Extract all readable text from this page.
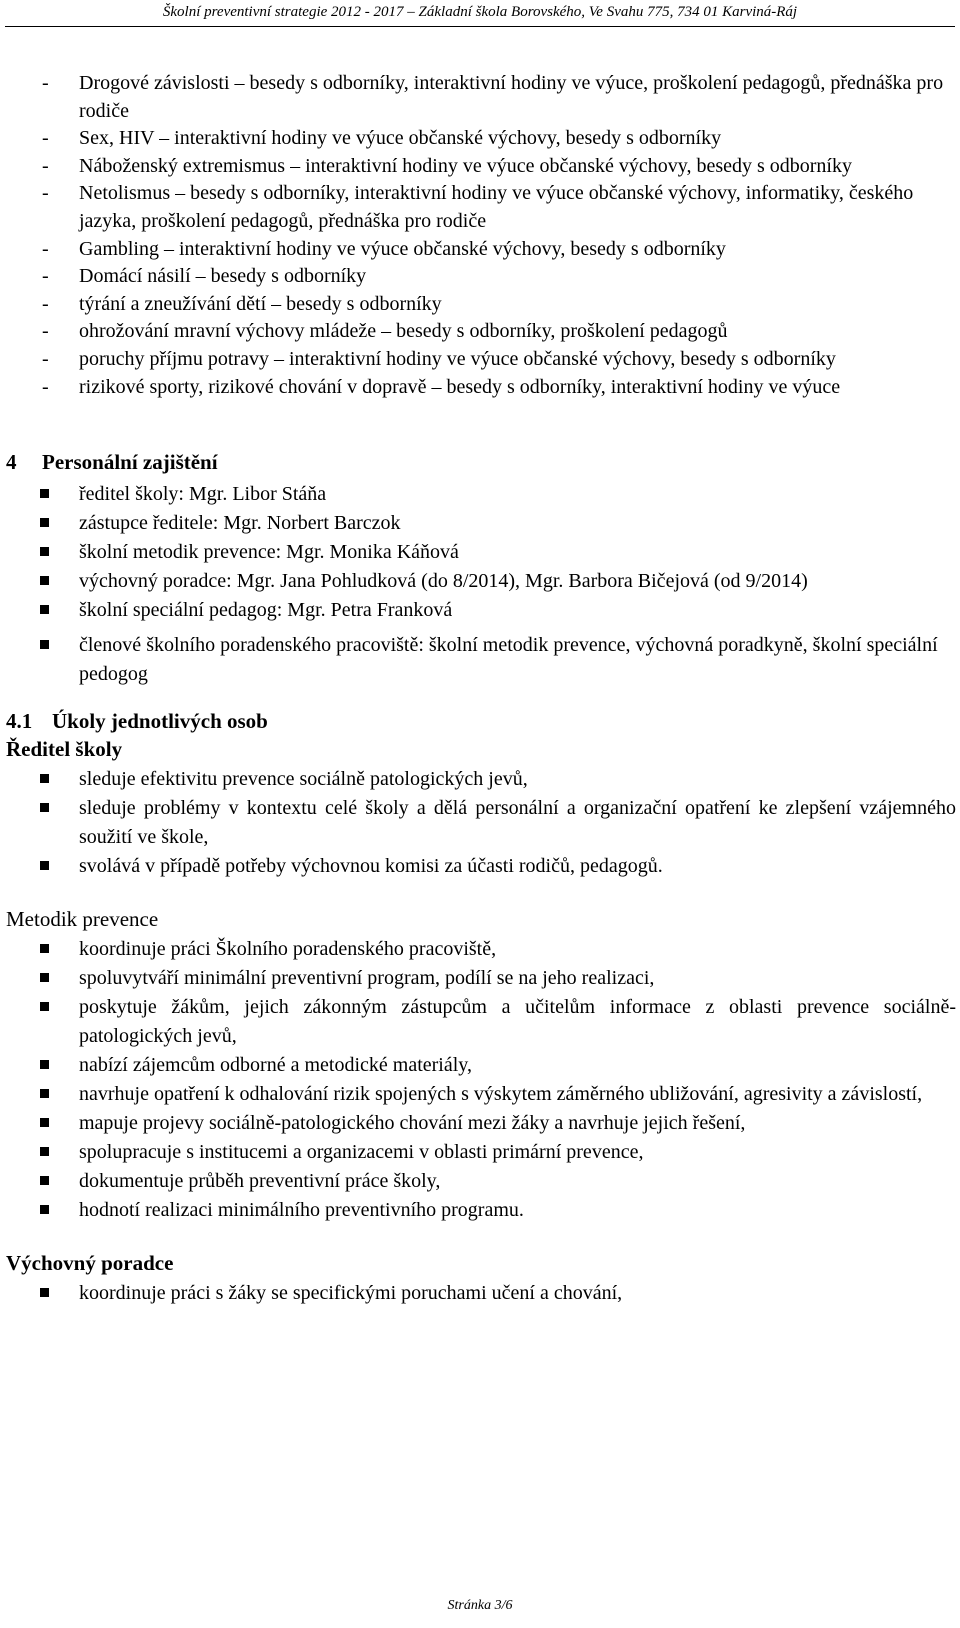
Školní preventivní strategie 2012 - 2017 – Základní škola Borovského, Ve Svahu 775, 734 01 Karviná-Ráj
- Drogové závislosti – besedy s odborníky, interaktivní hodiny ve výuce, proškolení pedagogů, přednáška pro rodiče
- Sex, HIV – interaktivní hodiny ve výuce občanské výchovy, besedy s odborníky
- Náboženský extremismus – interaktivní hodiny ve výuce občanské výchovy, besedy s odborníky
- Netolismus – besedy s odborníky, interaktivní hodiny ve výuce občanské výchovy, informatiky, českého jazyka, proškolení pedagogů, přednáška pro rodiče
- Gambling – interaktivní hodiny ve výuce občanské výchovy, besedy s odborníky
- Domácí násilí – besedy s odborníky
- týrání a zneužívání dětí – besedy s odborníky
- ohrožování mravní výchovy mládeže – besedy s odborníky, proškolení pedagogů
- poruchy příjmu potravy – interaktivní hodiny ve výuce občanské výchovy, besedy s odborníky
- rizikové sporty, rizikové chování v dopravě – besedy s odborníky, interaktivní hodiny ve výuce
4 Personální zajištění
ředitel školy: Mgr. Libor Stáňa
zástupce ředitele: Mgr. Norbert Barczok
školní metodik prevence: Mgr. Monika Káňová
výchovný poradce: Mgr. Jana Pohludková (do 8/2014), Mgr. Barbora Bičejová (od 9/2014)
školní speciální pedagog: Mgr. Petra Franková
členové školního poradenského pracoviště: školní metodik prevence, výchovná poradkyně, školní speciální pedogog
4.1 Úkoly jednotlivých osob
Ředitel školy
sleduje efektivitu prevence sociálně patologických jevů,
sleduje problémy v kontextu celé školy a dělá personální a organizační opatření ke zlepšení vzájemného soužití ve škole,
svolává v případě potřeby výchovnou komisi za účasti rodičů, pedagogů.
Metodik prevence
koordinuje práci Školního poradenského pracoviště,
spoluvytváří minimální preventivní program, podílí se na jeho realizaci,
poskytuje žákům, jejich zákonným zástupcům a učitelům informace z oblasti prevence sociálně- patologických jevů,
nabízí zájemcům odborné a metodické materiály,
navrhuje opatření k odhalování rizik spojených s výskytem záměrného ubližování, agresivity a závislostí,
mapuje projevy sociálně-patologického chování mezi žáky a navrhuje jejich řešení,
spolupracuje s institucemi a organizacemi v oblasti primární prevence,
dokumentuje průběh preventivní práce školy,
hodnotí realizaci minimálního preventivního programu.
Výchovný poradce
koordinuje práci s žáky se specifickými poruchami učení a chování,
Stránka 3/6
